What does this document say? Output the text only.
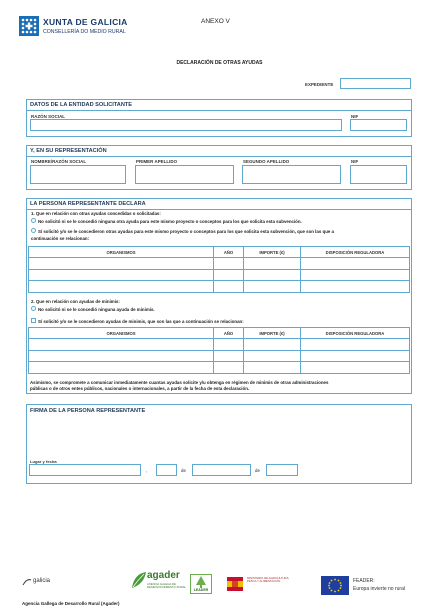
XUNTA DE GALICIA
CONSELLERÍA DO MEDIO RURAL
ANEXO V
DECLARACIÓN DE OTRAS AYUDAS
EXPEDIENTE
DATOS DE LA ENTIDAD SOLICITANTE
RAZÓN SOCIAL	NIF
Y, EN SU REPRESENTACIÓN
NOMBRE/RAZÓN SOCIAL	PRIMER APELLIDO	SEGUNDO APELLIDO	NIF
LA PERSONA REPRESENTANTE DECLARA
1. Que en relación con otras ayudas concedidas o solicitadas:
No solicitó ni se le concedió ninguna otra ayuda para este mismo proyecto o conceptos para los que solicita esta subvención.
Sí solicitó y/o se le concedieron otras ayudas para este mismo proyecto o conceptos para los que solicita esta subvención, que son las que a
continuación se relacionan:
ORGANISMOS	AÑO	IMPORTE (€)	DISPOSICIÓN REGULADORA

2. Que en relación con ayudas de minimis:
No solicitó ni se le concedió ninguna ayuda de minimis.
Sí solicitó y/o se le concedieron ayudas de minimis, que son las que a continuación se relacionan:
ORGANISMOS	AÑO	IMPORTE (€)	DISPOSICIÓN REGULADORA

Asimismo, se compromete a comunicar inmediatamente cuantas ayudas solicite y/u obtenga en régimen de minimis de otras administraciones
públicas o de otros entes públicos, nacionales o internacionales, a partir de la fecha de esta declaración.
FIRMA DE LA PERSONA REPRESENTANTE
Lugar y fecha
,	de	de
galicia	agader
AXENCIA GALEGA DE DESENVOLVEMENTO RURAL
LEADER
MINISTERIO DE AGRICULTURA, PESCA Y ALIMENTACIÓN	FEADER:
Europa invierte no rural
Agencia Gallega de Desarrollo Rural (Agader)
